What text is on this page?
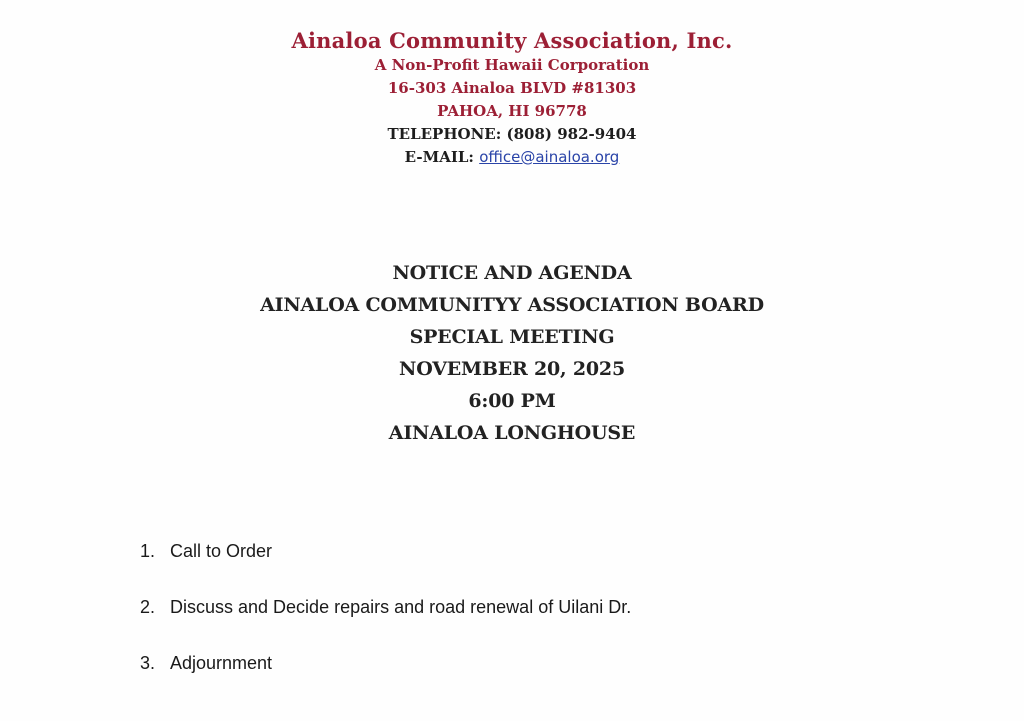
Ainaloa Community Association, Inc.

A Non-Profit Hawaii Corporation

16-303 Ainaloa BLVD #81303

PAHOA, HI 96778

TELEPHONE: (808) 982-9404

E-MAIL: office@ainaloa.org

NOTICE AND AGENDA

AINALOA COMMUNITYY ASSOCIATION BOARD

SPECIAL MEETING

NOVEMBER 20, 2025

6:00 PM

AINALOA LONGHOUSE

1. Call to Order
2. Discuss and Decide repairs and road renewal of Uilani Dr.
3. Adjournment
